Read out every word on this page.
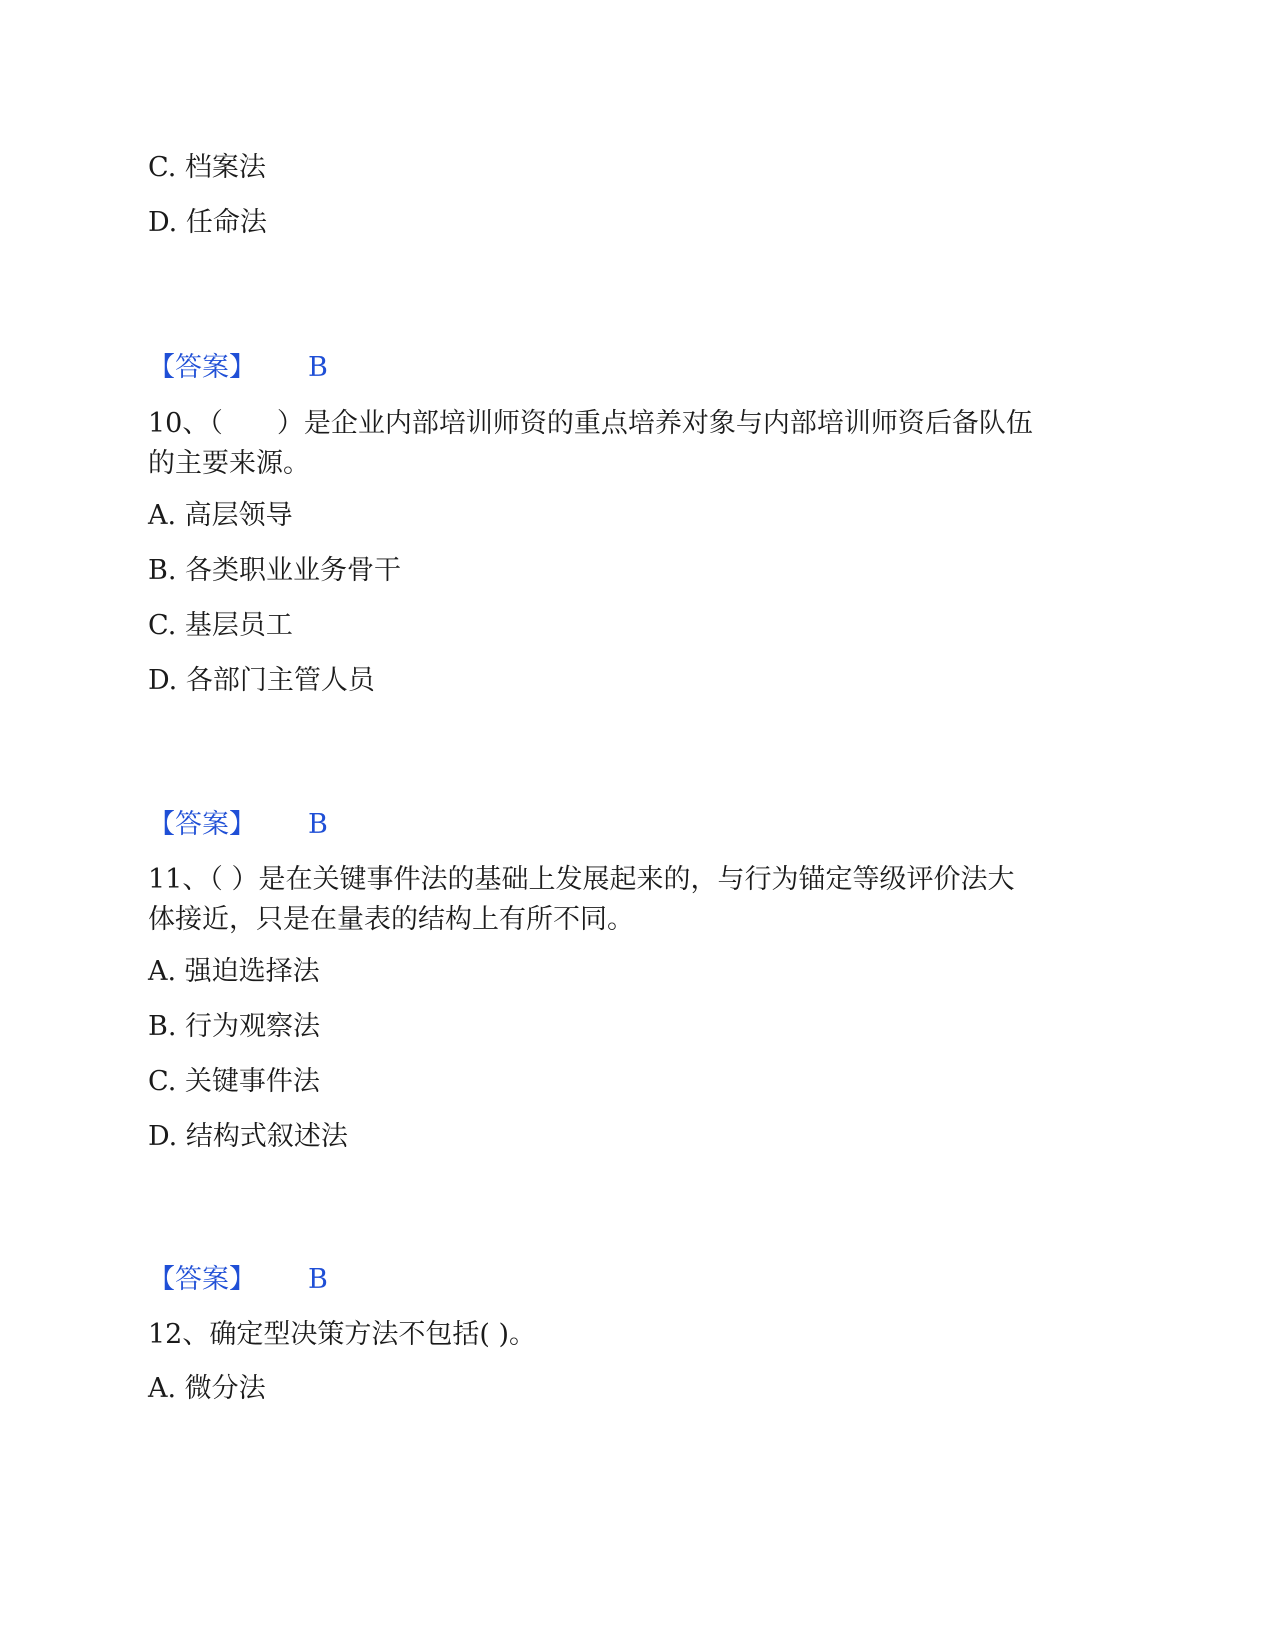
C. 档案法
D. 任命法
【答案】 B
10、（　　）是企业内部培训师资的重点培养对象与内部培训师资后备队伍
的主要来源。
A. 高层领导
B. 各类职业业务骨干
C. 基层员工
D. 各部门主管人员
【答案】 B
11、（ ）是在关键事件法的基础上发展起来的，与行为锚定等级评价法大
体接近，只是在量表的结构上有所不同。
A. 强迫选择法
B. 行为观察法
C. 关键事件法
D. 结构式叙述法
【答案】 B
12、确定型决策方法不包括( )。
A. 微分法
